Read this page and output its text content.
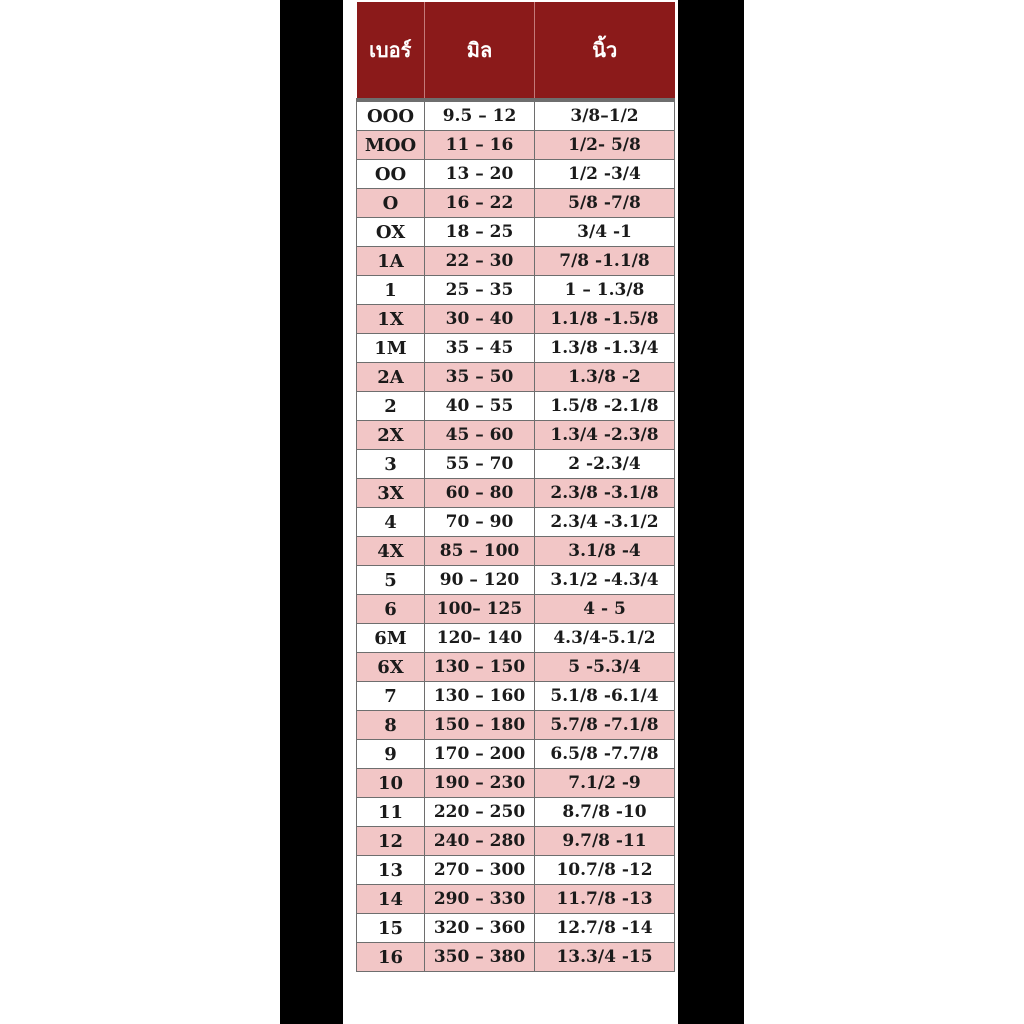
เบอร์	มิล	นิ้ว
OOO	9.5 – 12	3/8–1/2
MOO	11 – 16	1/2- 5/8
OO	13 – 20	1/2 -3/4
O	16 – 22	5/8 -7/8
OX	18 – 25	3/4 -1
1A	22 – 30	7/8 -1.1/8
1	25 – 35	1 – 1.3/8
1X	30 – 40	1.1/8 -1.5/8
1M	35 – 45	1.3/8 -1.3/4
2A	35 – 50	1.3/8 -2
2	40 – 55	1.5/8 -2.1/8
2X	45 – 60	1.3/4 -2.3/8
3	55 – 70	2 -2.3/4
3X	60 – 80	2.3/8 -3.1/8
4	70 – 90	2.3/4 -3.1/2
4X	85 – 100	3.1/8 -4
5	90 – 120	3.1/2 -4.3/4
6	100– 125	4 - 5
6M	120– 140	4.3/4-5.1/2
6X	130 – 150	5 -5.3/4
7	130 – 160	5.1/8 -6.1/4
8	150 – 180	5.7/8 -7.1/8
9	170 – 200	6.5/8 -7.7/8
10	190 – 230	7.1/2 -9
11	220 – 250	8.7/8 -10
12	240 – 280	9.7/8 -11
13	270 – 300	10.7/8 -12
14	290 – 330	11.7/8 -13
15	320 – 360	12.7/8 -14
16	350 – 380	13.3/4 -15
